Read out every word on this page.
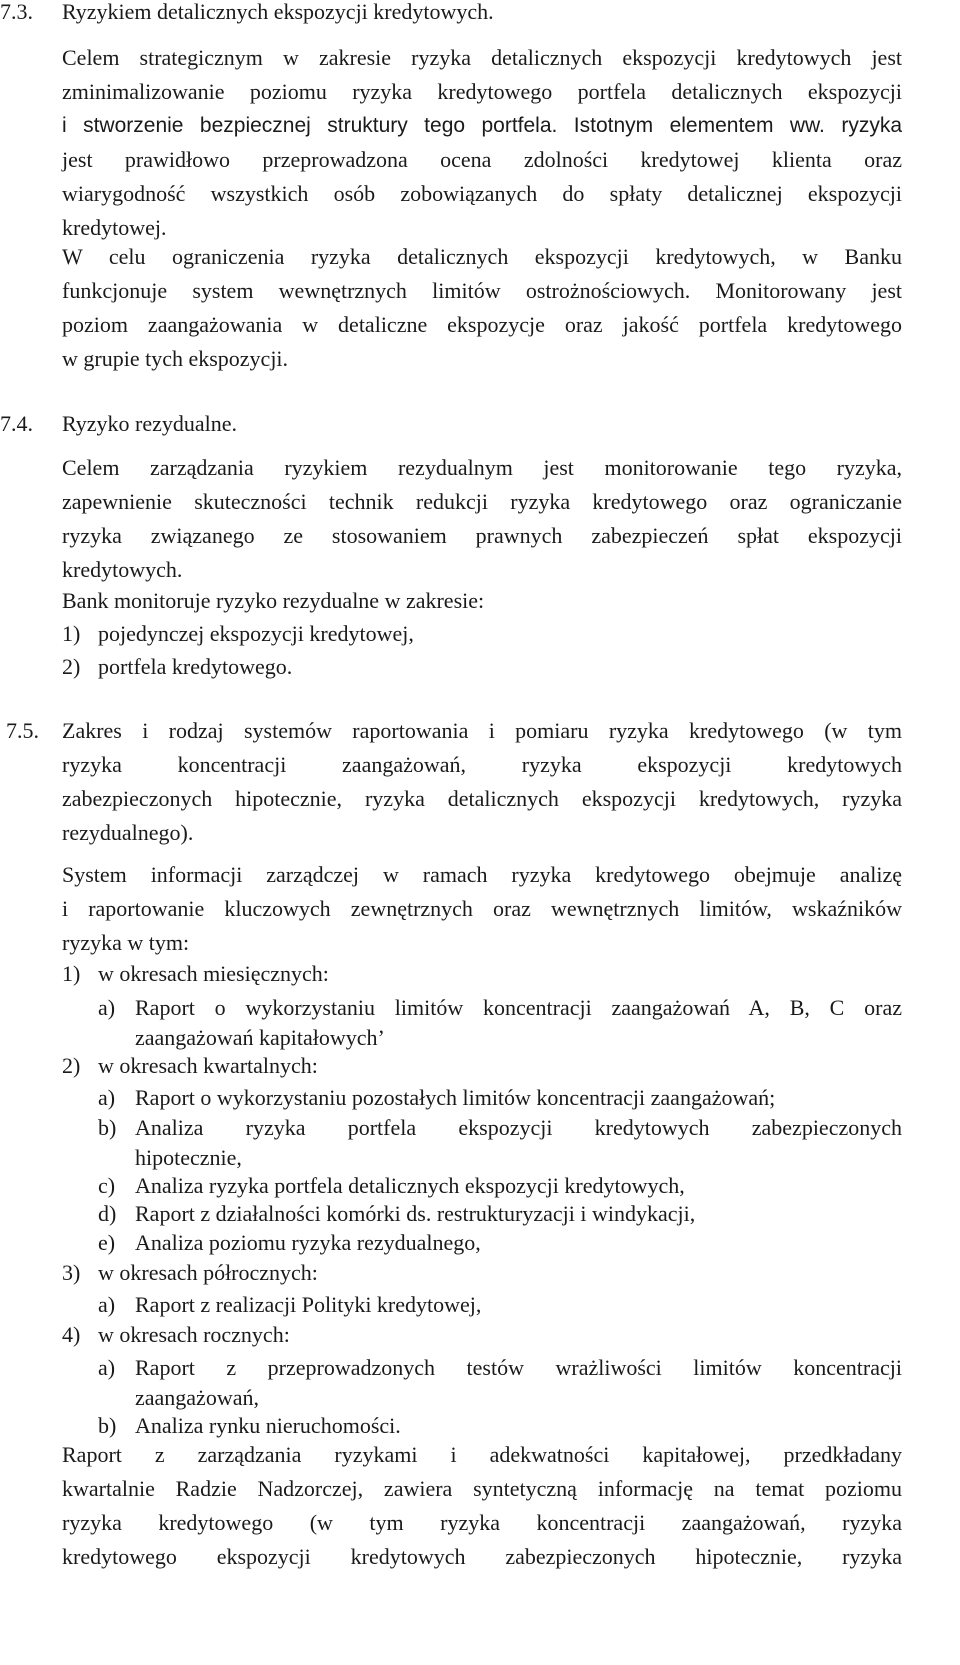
7.3. Ryzykiem detalicznych ekspozycji kredytowych.
Celem strategicznym w zakresie ryzyka detalicznych ekspozycji kredytowych jest
zminimalizowanie poziomu ryzyka kredytowego portfela detalicznych ekspozycji
i stworzenie bezpiecznej struktury tego portfela. Istotnym elementem ww. ryzyka
jest prawidłowo przeprowadzona ocena zdolności kredytowej klienta oraz
wiarygodność wszystkich osób zobowiązanych do spłaty detalicznej ekspozycji
kredytowej.
W celu ograniczenia ryzyka detalicznych ekspozycji kredytowych, w Banku
funkcjonuje system wewnętrznych limitów ostrożnościowych. Monitorowany jest
poziom zaangażowania w detaliczne ekspozycje oraz jakość portfela kredytowego
w grupie tych ekspozycji.
7.4. Ryzyko rezydualne.
Celem zarządzania ryzykiem rezydualnym jest monitorowanie tego ryzyka,
zapewnienie skuteczności technik redukcji ryzyka kredytowego oraz ograniczanie
ryzyka związanego ze stosowaniem prawnych zabezpieczeń spłat ekspozycji
kredytowych.
Bank monitoruje ryzyko rezydualne w zakresie:
1) pojedynczej ekspozycji kredytowej,
2) portfela kredytowego.
7.5. Zakres i rodzaj systemów raportowania i pomiaru ryzyka kredytowego (w tym
ryzyka koncentracji zaangażowań, ryzyka ekspozycji kredytowych
zabezpieczonych hipotecznie, ryzyka detalicznych ekspozycji kredytowych, ryzyka
rezydualnego).
System informacji zarządczej w ramach ryzyka kredytowego obejmuje analizę
i raportowanie kluczowych zewnętrznych oraz wewnętrznych limitów, wskaźników
ryzyka w tym:
1) w okresach miesięcznych:
a) Raport o wykorzystaniu limitów koncentracji zaangażowań A, B, C oraz
zaangażowań kapitałowych’
2) w okresach kwartalnych:
a) Raport o wykorzystaniu pozostałych limitów koncentracji zaangażowań;
b) Analiza ryzyka portfela ekspozycji kredytowych zabezpieczonych
hipotecznie,
c) Analiza ryzyka portfela detalicznych ekspozycji kredytowych,
d) Raport z działalności komórki ds. restrukturyzacji i windykacji,
e) Analiza poziomu ryzyka rezydualnego,
3) w okresach półrocznych:
a) Raport z realizacji Polityki kredytowej,
4) w okresach rocznych:
a) Raport z przeprowadzonych testów wrażliwości limitów koncentracji
zaangażowań,
b) Analiza rynku nieruchomości.
Raport z zarządzania ryzykami i adekwatności kapitałowej, przedkładany
kwartalnie Radzie Nadzorczej, zawiera syntetyczną informację na temat poziomu
ryzyka kredytowego (w tym ryzyka koncentracji zaangażowań, ryzyka
kredytowego ekspozycji kredytowych zabezpieczonych hipotecznie, ryzyka
